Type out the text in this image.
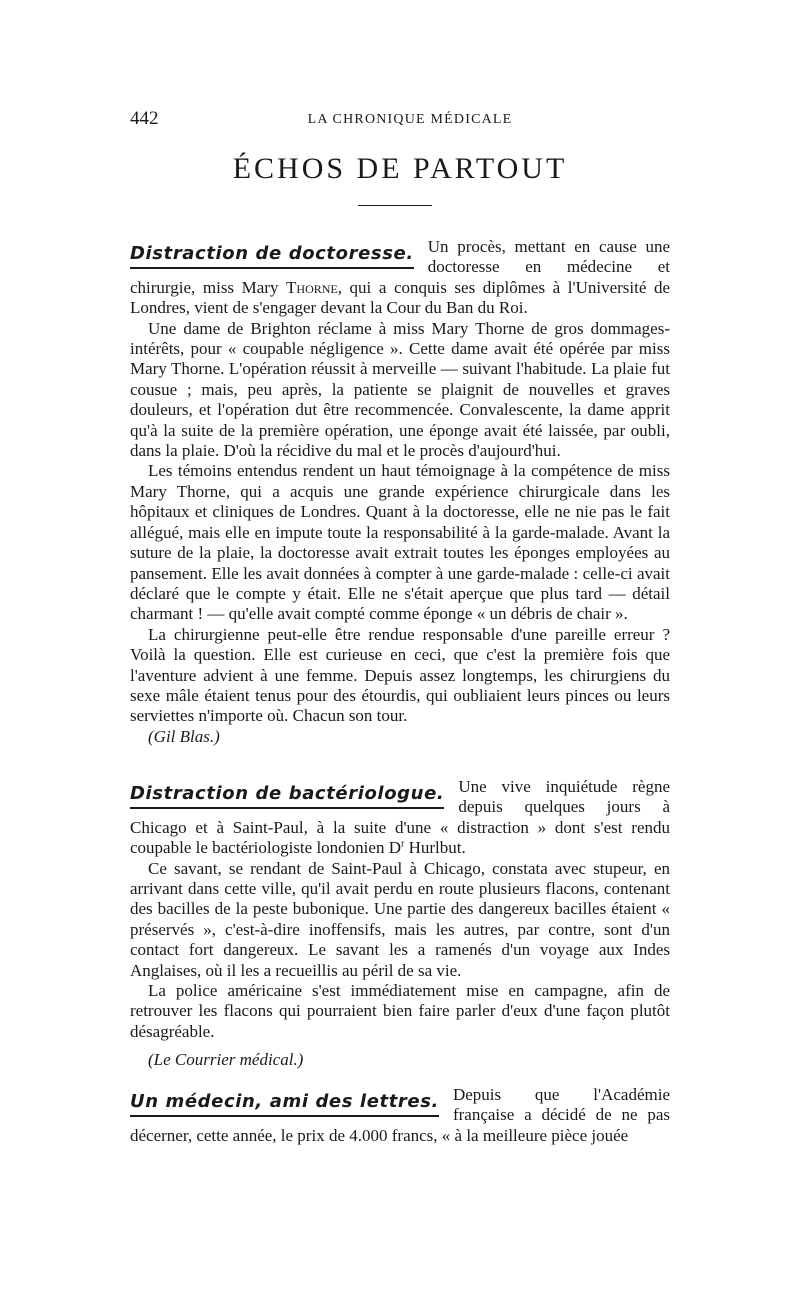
442	LA CHRONIQUE MÉDICALE
ÉCHOS DE PARTOUT
Distraction de doctoresse. Un procès, mettant en cause une doctoresse en médecine et chirurgie, miss Mary Thorne, qui a conquis ses diplômes à l'Université de Londres, vient de s'engager devant la Cour du Ban du Roi.

Une dame de Brighton réclame à miss Mary Thorne de gros dommages-intérêts, pour « coupable négligence ». Cette dame avait été opérée par miss Mary Thorne. L'opération réussit à merveille — suivant l'habitude. La plaie fut cousue ; mais, peu après, la patiente se plaignit de nouvelles et graves douleurs, et l'opération dut être recommencée. Convalescente, la dame apprit qu'à la suite de la première opération, une éponge avait été laissée, par oubli, dans la plaie. D'où la récidive du mal et le procès d'aujourd'hui.

Les témoins entendus rendent un haut témoignage à la compétence de miss Mary Thorne, qui a acquis une grande expérience chirurgicale dans les hôpitaux et cliniques de Londres. Quant à la doctoresse, elle ne nie pas le fait allégué, mais elle en impute toute la responsabilité à la garde-malade. Avant la suture de la plaie, la doctoresse avait extrait toutes les éponges employées au pansement. Elle les avait données à compter à une garde-malade : celle-ci avait déclaré que le compte y était. Elle ne s'était aperçue que plus tard — détail charmant ! — qu'elle avait compté comme éponge « un débris de chair ».

La chirurgienne peut-elle être rendue responsable d'une pareille erreur ? Voilà la question. Elle est curieuse en ceci, que c'est la première fois que l'aventure advient à une femme. Depuis assez longtemps, les chirurgiens du sexe mâle étaient tenus pour des étourdis, qui oubliaient leurs pinces ou leurs serviettes n'importe où. Chacun son tour.

(Gil Blas.)

Distraction de bactériologue. Une vive inquiétude règne depuis quelques jours à Chicago et à Saint-Paul, à la suite d'une « distraction » dont s'est rendu coupable le bactériologiste londonien $D^r$ Hurlbut.

Ce savant, se rendant de Saint-Paul à Chicago, constata avec stupeur, en arrivant dans cette ville, qu'il avait perdu en route plusieurs flacons, contenant des bacilles de la peste bubonique. Une partie des dangereux bacilles étaient « préservés », c'est-à-dire inoffensifs, mais les autres, par contre, sont d'un contact fort dangereux. Le savant les a ramenés d'un voyage aux Indes Anglaises, où il les a recueillis au péril de sa vie.

La police américaine s'est immédiatement mise en campagne, afin de retrouver les flacons qui pourraient bien faire parler d'eux d'une façon plutôt désagréable.

(Le Courrier médical.)

Un médecin, ami des lettres. Depuis que l'Académie française a décidé de ne pas décerner, cette année, le prix de 4.000 francs, « à la meilleure pièce jouée
